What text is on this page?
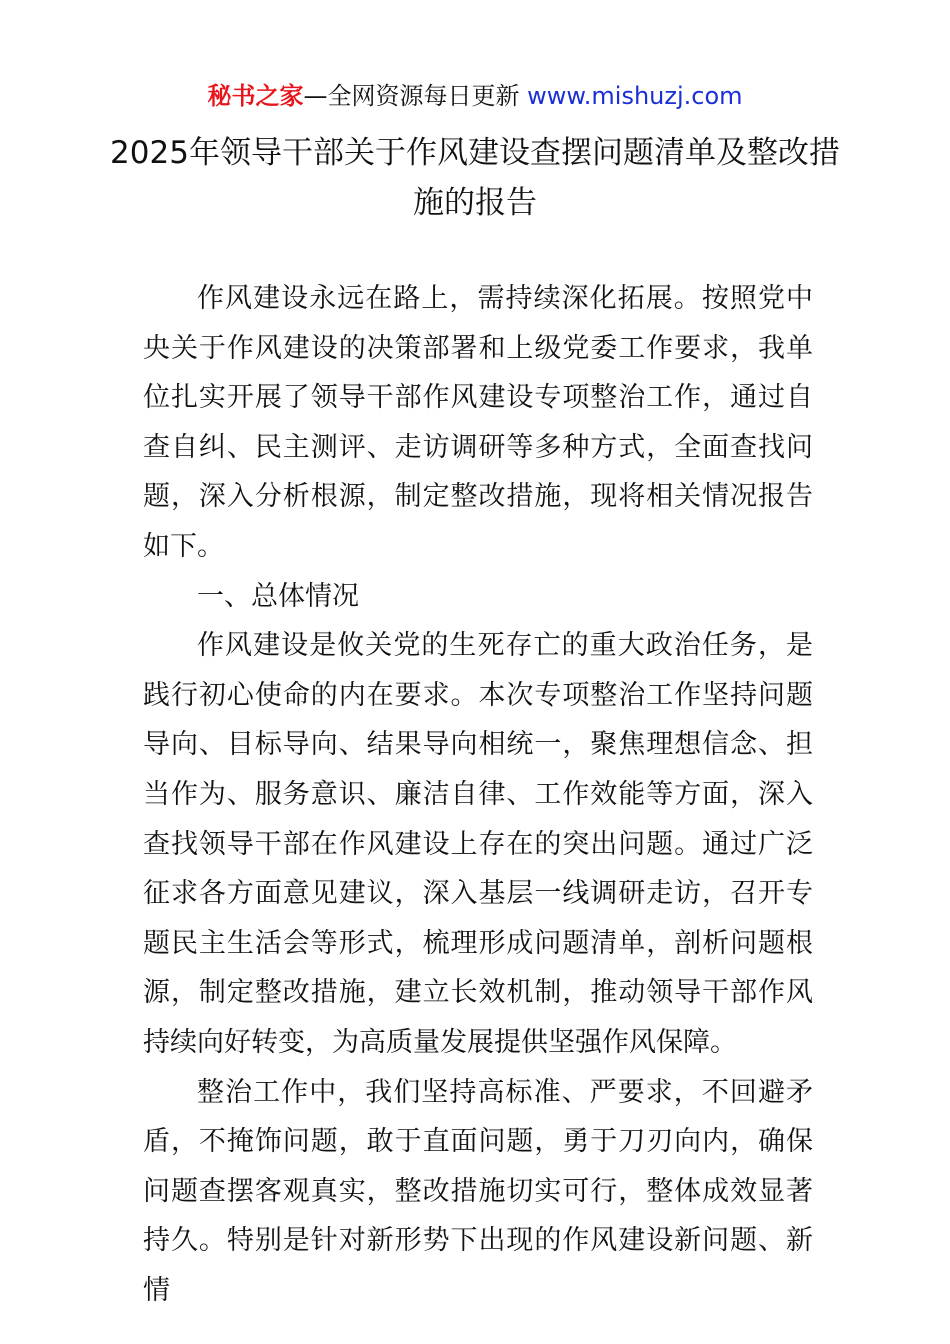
秘书之家—全网资源每日更新 www.mishuzj.com
2025年领导干部关于作风建设查摆问题清单及整改措施的报告

作风建设永远在路上，需持续深化拓展。按照党中央关于作风建设的决策部署和上级党委工作要求，我单位扎实开展了领导干部作风建设专项整治工作，通过自查自纠、民主测评、走访调研等多种方式，全面查找问题，深入分析根源，制定整改措施，现将相关情况报告如下。

一、总体情况

作风建设是攸关党的生死存亡的重大政治任务，是践行初心使命的内在要求。本次专项整治工作坚持问题导向、目标导向、结果导向相统一，聚焦理想信念、担当作为、服务意识、廉洁自律、工作效能等方面，深入查找领导干部在作风建设上存在的突出问题。通过广泛征求各方面意见建议，深入基层一线调研走访，召开专题民主生活会等形式，梳理形成问题清单，剖析问题根源，制定整改措施，建立长效机制，推动领导干部作风持续向好转变，为高质量发展提供坚强作风保障。

整治工作中，我们坚持高标准、严要求，不回避矛盾，不掩饰问题，敢于直面问题，勇于刀刃向内，确保问题查摆客观真实，整改措施切实可行，整体成效显著持久。特别是针对新形势下出现的作风建设新问题、新情
